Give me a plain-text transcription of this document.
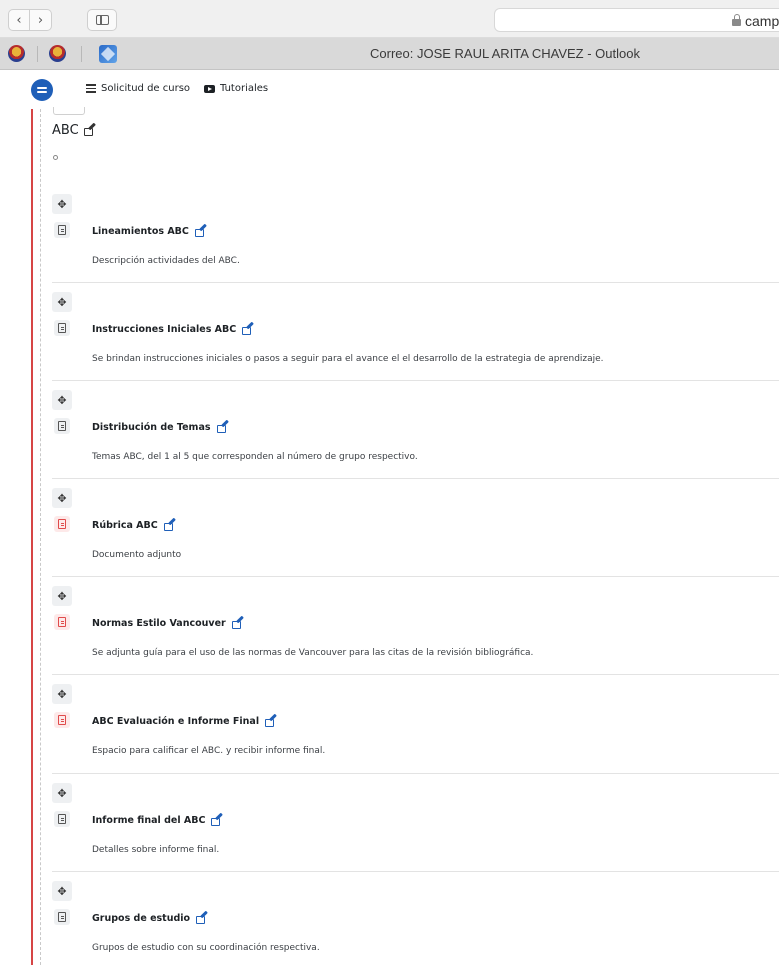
‹ ›	camp
Correo: JOSE RAUL ARITA CHAVEZ - Outlook
Solicitud de curso	Tutoriales
ABC
✥
Lineamientos ABC
Descripción actividades del ABC.
✥
Instrucciones Iniciales ABC
Se brindan instrucciones iniciales o pasos a seguir para el avance el el desarrollo de la estrategia de aprendizaje.
✥
Distribución de Temas
Temas ABC, del 1 al 5 que corresponden al número de grupo respectivo.
✥
Rúbrica ABC
Documento adjunto
✥
Normas Estilo Vancouver
Se adjunta guía para el uso de las normas de Vancouver para las citas de la revisión bibliográfica.
✥
ABC Evaluación e Informe Final
Espacio para calificar el ABC. y recibir informe final.
✥
Informe final del ABC
Detalles sobre informe final.
✥
Grupos de estudio
Grupos de estudio con su coordinación respectiva.
